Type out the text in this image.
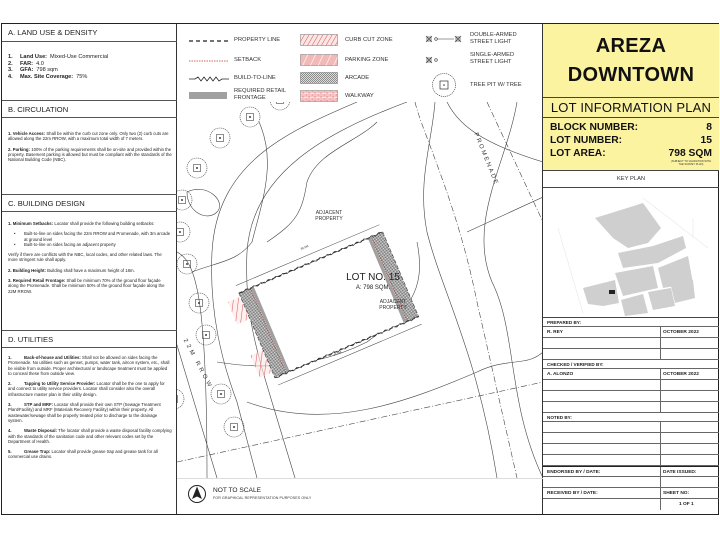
A. LAND USE & DENSITY
1.	Land Use: Mixed-Use Commercial
2.	FAR: 4.0
3.	GFA: 798 sqm
4.	Max. Site Coverage: 75%
B. CIRCULATION
1. Vehicle Access: Shall be within the curb cut zone only. Only two (2) curb cuts are allowed along the 22m RROW, with a maximum total width of 7 meters.
2. Parking: 100% of the parking requirements shall be on-site and provided within the property. Basement parking is allowed but must be compliant with the standards of the National Building Code (NBC).
C. BUILDING DESIGN
1. Minimum Setbacks: Locator shall provide the following building setbacks:
•	Built-to-line on sides facing the 22m RROW and Promenade, with 3m arcade at ground level
•	Built-to-line on sides facing an adjacent property
Verify if there are conflicts with the NBC, local codes, and other related laws. The more stringent rule shall apply.
2. Building Height: Building shall have a maximum height of 18m.
3. Required Retail Frontage: Shall be minimum 70% of the ground floor façade along the Promenade. Shall be minimum 50% of the ground floor façade along the 22M RROW.
D. UTILITIES
1.	Back-of-house and Utilities: Shall not be allowed on sides facing the Promenade. No utilities such as genset, pumps, water tank, aircon system, etc., shall be visible from outside. Proper architectural or landscape treatment must be applied to conceal these from outside view.
2.	Tapping to Utility Service Provider: Locator shall be the one to apply for and connect to utility service providers. Locator shall consider also the overall infrastructure master plan in their utility design.
3.	STP and MRF: Locator shall provide their own STP (Sewage Treatment Plant/Facility) and MRF (Materials Recovery Facility) within their property. All wastewater/sewage shall be properly treated prior to discharge to the drainage system.
4.	Waste Disposal: The locator shall provide a waste disposal facility complying with the standards of the sanitation code and other relevant codes set by the Department of Health.
5.	Grease Trap: Locator shall provide grease trap and grease tank for all commercial use drains.
PROPERTY LINE
SETBACK
BUILD-TO-LINE
REQUIRED RETAIL FRONTAGE
CURB CUT ZONE
PARKING ZONE
ARCADE
WALKWAY
DOUBLE-ARMED STREET LIGHT
SINGLE-ARMED STREET LIGHT
TREE PIT W/ TREE
36.5M
37.5M
ADJACENT PROPERTY
ADJACENT PROPERTY
LOT NO. 15
A: 798 SQM.
22M RROW
PROMENADE
NOT TO SCALE
FOR GRAPHICAL REPRESENTATION PURPOSES ONLY
AREZA
DOWNTOWN
LOT INFORMATION PLAN
BLOCK NUMBER:	8
LOT NUMBER:	15
LOT AREA:	798 SQM
(SUBJECT TO VALIDATION WITH THE SURVEY PLAN)
KEY PLAN
PREPARED BY:
R. REY	OCTOBER 2022
CHECKED / VERIFIED BY:
A. ALONZO	OCTOBER 2022
NOTED BY:
ENDORSED BY / DATE:	DATE ISSUED:
RECEIVED BY / DATE:	SHEET NO:
1 OF 1
